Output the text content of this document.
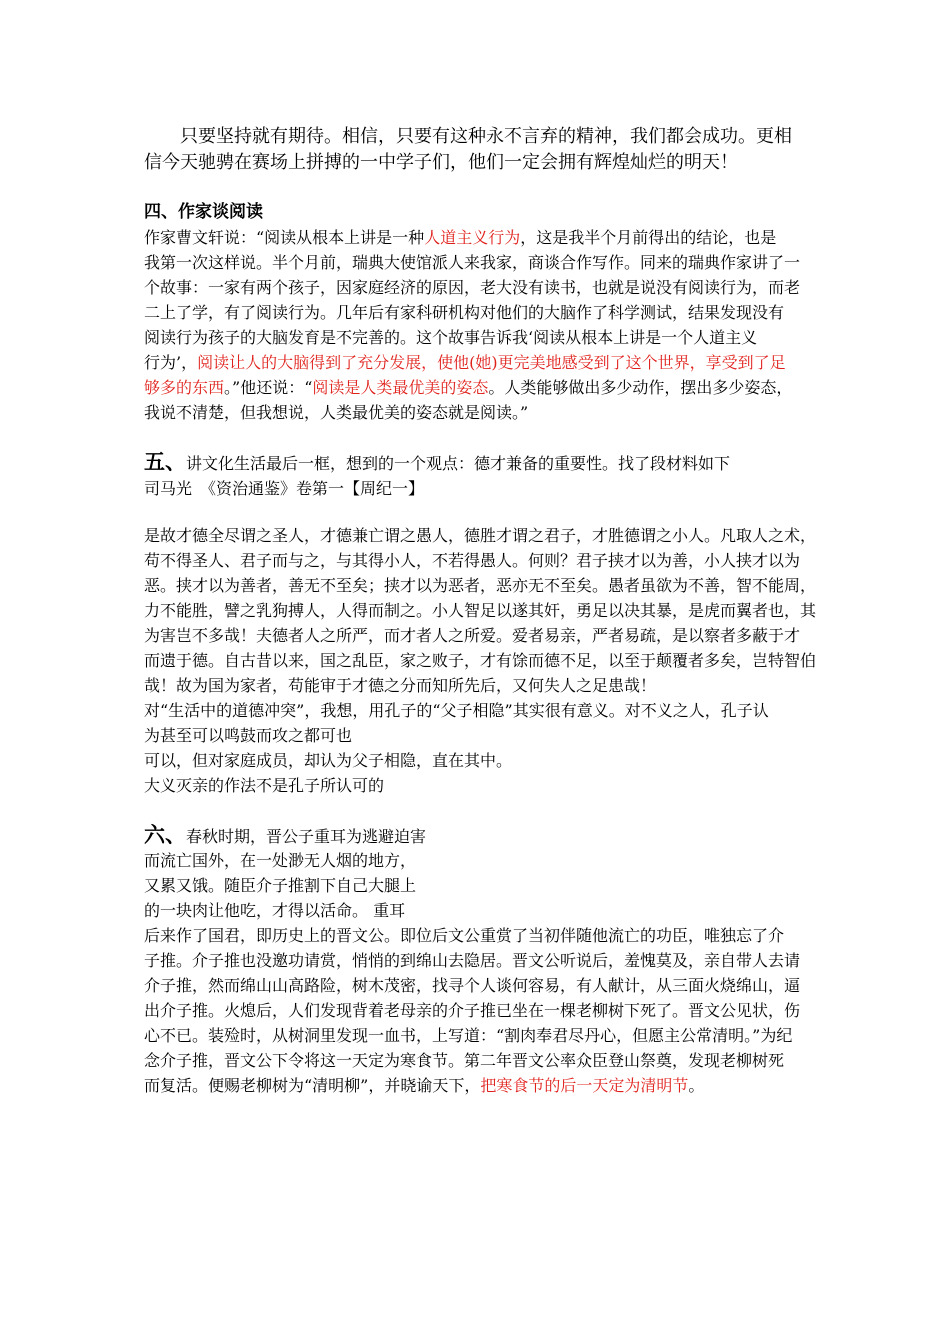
　　只要坚持就有期待。相信，只要有这种永不言弃的精神，我们都会成功。更相
信今天驰骋在赛场上拼搏的一中学子们，他们一定会拥有辉煌灿烂的明天！
四、作家谈阅读
作家曹文轩说：“阅读从根本上讲是一种人道主义行为，这是我半个月前得出的结论，也是
我第一次这样说。半个月前，瑞典大使馆派人来我家，商谈合作写作。同来的瑞典作家讲了一
个故事：一家有两个孩子，因家庭经济的原因，老大没有读书，也就是说没有阅读行为，而老
二上了学，有了阅读行为。几年后有家科研机构对他们的大脑作了科学测试，结果发现没有
阅读行为孩子的大脑发育是不完善的。这个故事告诉我‘阅读从根本上讲是一个人道主义
行为’，阅读让人的大脑得到了充分发展，使他(她)更完美地感受到了这个世界，享受到了足
够多的东西。”他还说：“阅读是人类最优美的姿态。人类能够做出多少动作，摆出多少姿态，
我说不清楚，但我想说，人类最优美的姿态就是阅读。”
五、讲文化生活最后一框，想到的一个观点：德才兼备的重要性。找了段材料如下
司马光　《资治通鉴》卷第一【周纪一】
是故才德全尽谓之圣人，才德兼亡谓之愚人，德胜才谓之君子，才胜德谓之小人。凡取人之术，
苟不得圣人、君子而与之，与其得小人，不若得愚人。何则？君子挟才以为善，小人挟才以为
恶。挟才以为善者，善无不至矣；挟才以为恶者，恶亦无不至矣。愚者虽欲为不善，智不能周，
力不能胜，譬之乳狗搏人，人得而制之。小人智足以遂其奸，勇足以决其暴，是虎而翼者也，其
为害岂不多哉！夫德者人之所严，而才者人之所爱。爱者易亲，严者易疏，是以察者多蔽于才
而遗于德。自古昔以来，国之乱臣，家之败子，才有馀而德不足，以至于颠覆者多矣，岂特智伯
哉！故为国为家者，苟能审于才德之分而知所先后，又何失人之足患哉！
对“生活中的道德冲突”，我想，用孔子的“父子相隐”其实很有意义。对不义之人，孔子认
为甚至可以鸣鼓而攻之都可也
可以，但对家庭成员，却认为父子相隐，直在其中。
大义灭亲的作法不是孔子所认可的
六、春秋时期，晋公子重耳为逃避迫害
而流亡国外，在一处渺无人烟的地方，
又累又饿。随臣介子推割下自己大腿上
的一块肉让他吃，才得以活命。 重耳
后来作了国君，即历史上的晋文公。即位后文公重赏了当初伴随他流亡的功臣，唯独忘了介
子推。介子推也没邀功请赏，悄悄的到绵山去隐居。晋文公听说后，羞愧莫及，亲自带人去请
介子推，然而绵山山高路险，树木茂密，找寻个人谈何容易，有人献计，从三面火烧绵山，逼
出介子推。火熄后，人们发现背着老母亲的介子推已坐在一棵老柳树下死了。晋文公见状，伤
心不已。装殓时，从树洞里发现一血书，上写道：“割肉奉君尽丹心，但愿主公常清明。”为纪
念介子推，晋文公下令将这一天定为寒食节。第二年晋文公率众臣登山祭奠，发现老柳树死
而复活。便赐老柳树为“清明柳”，并晓谕天下，把寒食节的后一天定为清明节。
